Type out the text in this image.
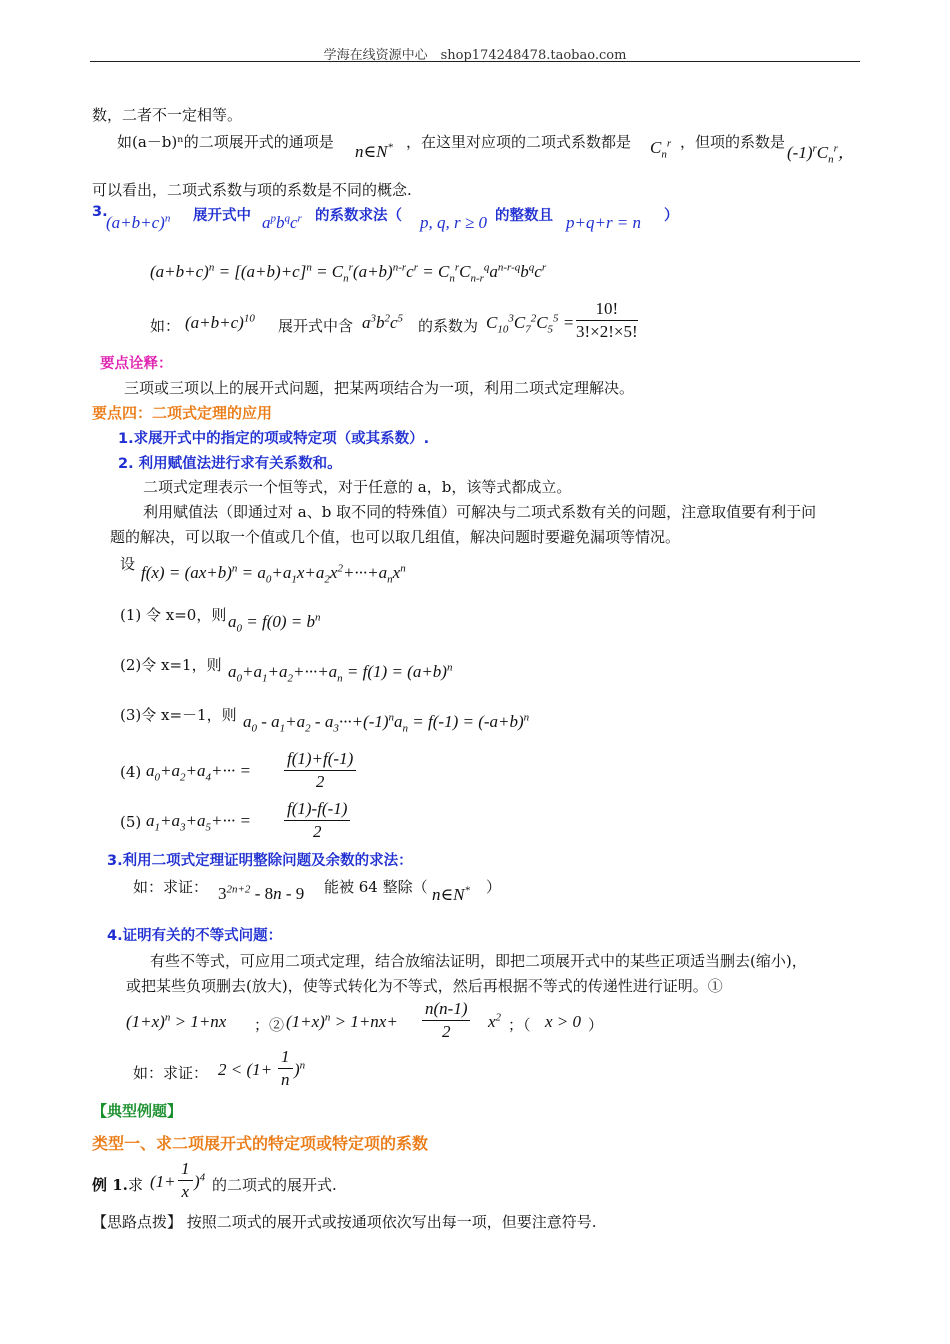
学海在线资源中心　shop174248478.taobao.com
数，二者不一定相等。
如(a－b)ⁿ的二项展开式的通项是 n∈N* ，在这里对应项的二项式系数都是 $C_n^r$ ，但项的系数是
$(-1)^rC_n^r$，
可以看出，二项式系数与项的系数是不同的概念.
3.
$(a+b+c)^n$ 展开式中 $a^pb^qc^r$ 的系数求法（ p, q, r ≥ 0 的整数且 p+q+r = n ）
$(a+b+c)^n = [(a+b)+c]^n = C_n^r(a+b)^{n-r}c^r = C_n^rC_{n-r}^qa^{n-r-q}b^qc^r$
如： $(a+b+c)^{10}$ 展开式中含 $a^3b^2c^5$ 的系数为 $C_{10}^3C_7^2C_5^5 = \frac{10!}{3!\times 2!\times 5!}$
要点诠释：
三项或三项以上的展开式问题，把某两项结合为一项，利用二项式定理解决。
要点四：二项式定理的应用
1.求展开式中的指定的项或特定项（或其系数）.
2. 利用赋值法进行求有关系数和。
二项式定理表示一个恒等式，对于任意的 a，b，该等式都成立。
利用赋值法（即通过对 a、b 取不同的特殊值）可解决与二项式系数有关的问题，注意取值要有利于问
题的解决，可以取一个值或几个值，也可以取几组值，解决问题时要避免漏项等情况。
设 $f(x) = (ax+b)^n = a_0+a_1x+a_2x^2+\cdot\cdot\cdot+a_nx^n$
(1) 令 x=0，则 $a_0 = f(0) = b^n$
(2)令 x=1，则 $a_0+a_1+a_2+\cdot\cdot\cdot+a_n = f(1) = (a+b)^n$
(3)令 x=－1，则 $a_0 - a_1+a_2 - a_3\cdot\cdot\cdot+(-1)^na_n = f(-1) = (-a+b)^n$
(4) $a_0+a_2+a_4+\cdot\cdot\cdot = \frac{f(1)+f(-1)}{2}$
(5) $a_1+a_3+a_5+\cdot\cdot\cdot = \frac{f(1)-f(-1)}{2}$
3.利用二项式定理证明整除问题及余数的求法：
如：求证： $3^{2n+2} - 8n - 9$ 能被 64 整除（ n∈N* ）
4.证明有关的不等式问题：
有些不等式，可应用二项式定理，结合放缩法证明，即把二项展开式中的某些正项适当删去(缩小)，
或把某些负项删去(放大)，使等式转化为不等式，然后再根据不等式的传递性进行证明。①
$(1+x)^n > 1+nx$ ；② $(1+x)^n > 1+nx+ \frac{n(n-1)}{2} x^2$ ；（ x > 0 ）
如：求证： $2 < (1+ \frac{1}{n} )^n$
【典型例题】
类型一、求二项展开式的特定项或特定项的系数
例 1. 求 $(1+ \frac{1}{x} )^4$ 的二项式的展开式.
【思路点拨】 按照二项式的展开式或按通项依次写出每一项，但要注意符号.
